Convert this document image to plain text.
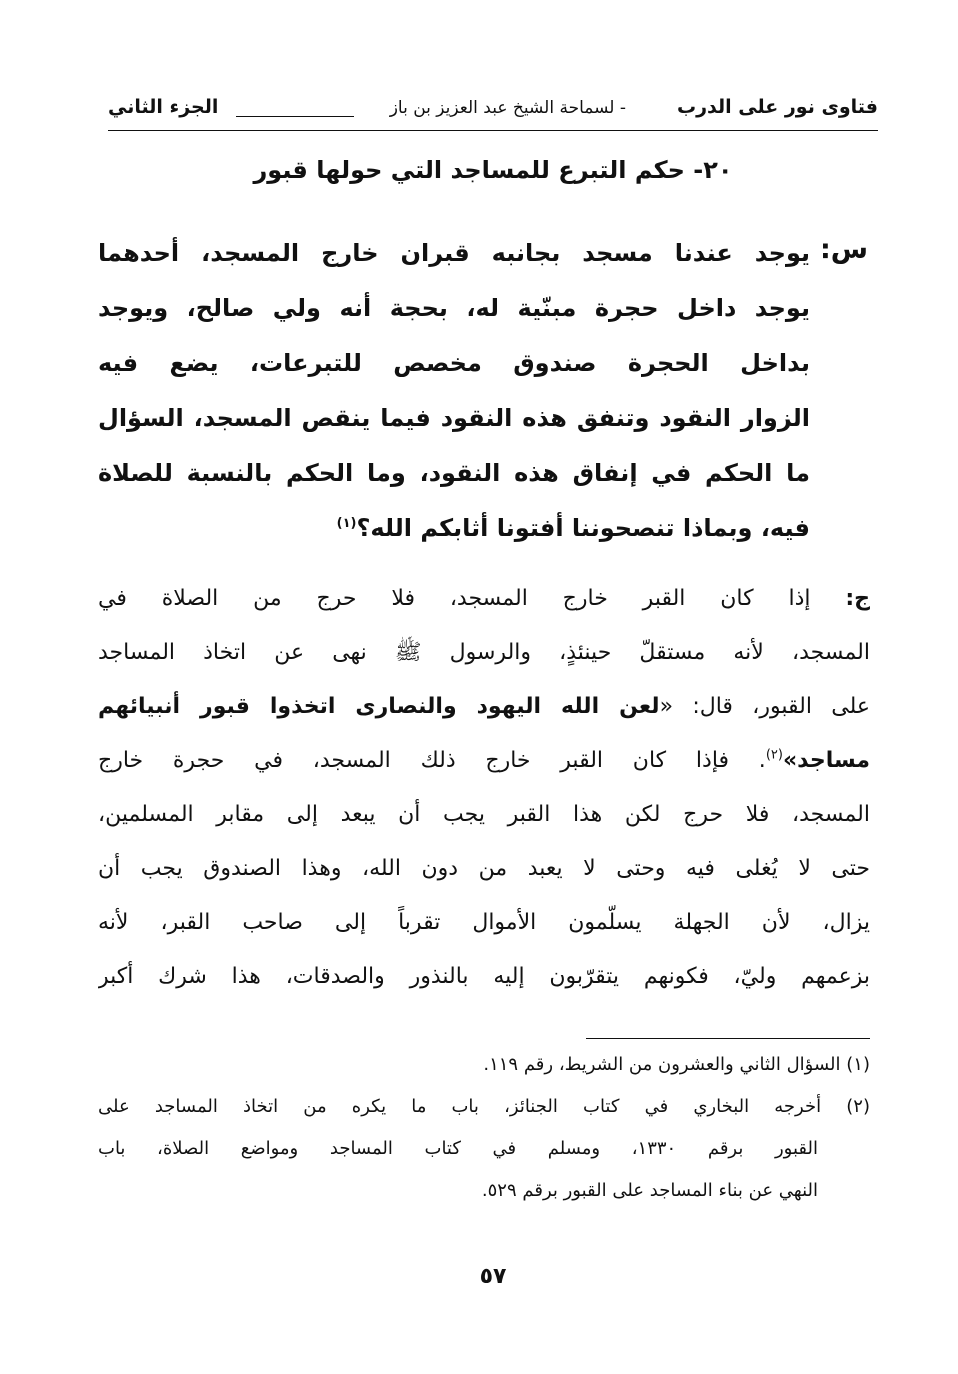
فتاوى نور على الدرب
- لسماحة الشيخ عبد العزيز بن باز
الجزء الثاني
٢٠- حكم التبرع للمساجد التي حولها قبور
س:
يوجد عندنا مسجد بجانبه قبران خارج المسجد، أحدهما
يوجد داخل حجرة مبنّية له، بحجة أنه ولي صالح، ويوجد
بداخل الحجرة صندوق مخصص للتبرعات، يضع فيه
الزوار النقود وتنفق هذه النقود فيما ينقص المسجد، السؤال
ما الحكم في إنفاق هذه النقود، وما الحكم بالنسبة للصلاة
فيه، وبماذا تنصحوننا أفتونا أثابكم الله؟$^{(١)}$
ج: إذا كان القبر خارج المسجد، فلا حرج من الصلاة في
المسجد، لأنه مستقلّ حينئذٍ، والرسول ﷺ نهى عن اتخاذ المساجد
على القبور، قال: «لعن الله اليهود والنصارى اتخذوا قبور أنبيائهم
مساجد»$^{(٢)}$. فإذا كان القبر خارج ذلك المسجد، في حجرة خارج
المسجد، فلا حرج لكن هذا القبر يجب أن يبعد إلى مقابر المسلمين،
حتى لا يُغلى فيه وحتى لا يعبد من دون الله، وهذا الصندوق يجب أن
يزال، لأن الجهلة يسلّمون الأموال تقرباً إلى صاحب القبر، لأنه
بزعمهم وليّ، فكونهم يتقرّبون إليه بالنذور والصدقات، هذا شرك أكبر
(١) السؤال الثاني والعشرون من الشريط، رقم ١١٩.
(٢) أخرجه البخاري في كتاب الجنائز، باب ما يكره من اتخاذ المساجد على
القبور برقم ١٣٣٠، ومسلم في كتاب المساجد ومواضع الصلاة، باب
النهي عن بناء المساجد على القبور برقم ٥٢٩.
٥٧
